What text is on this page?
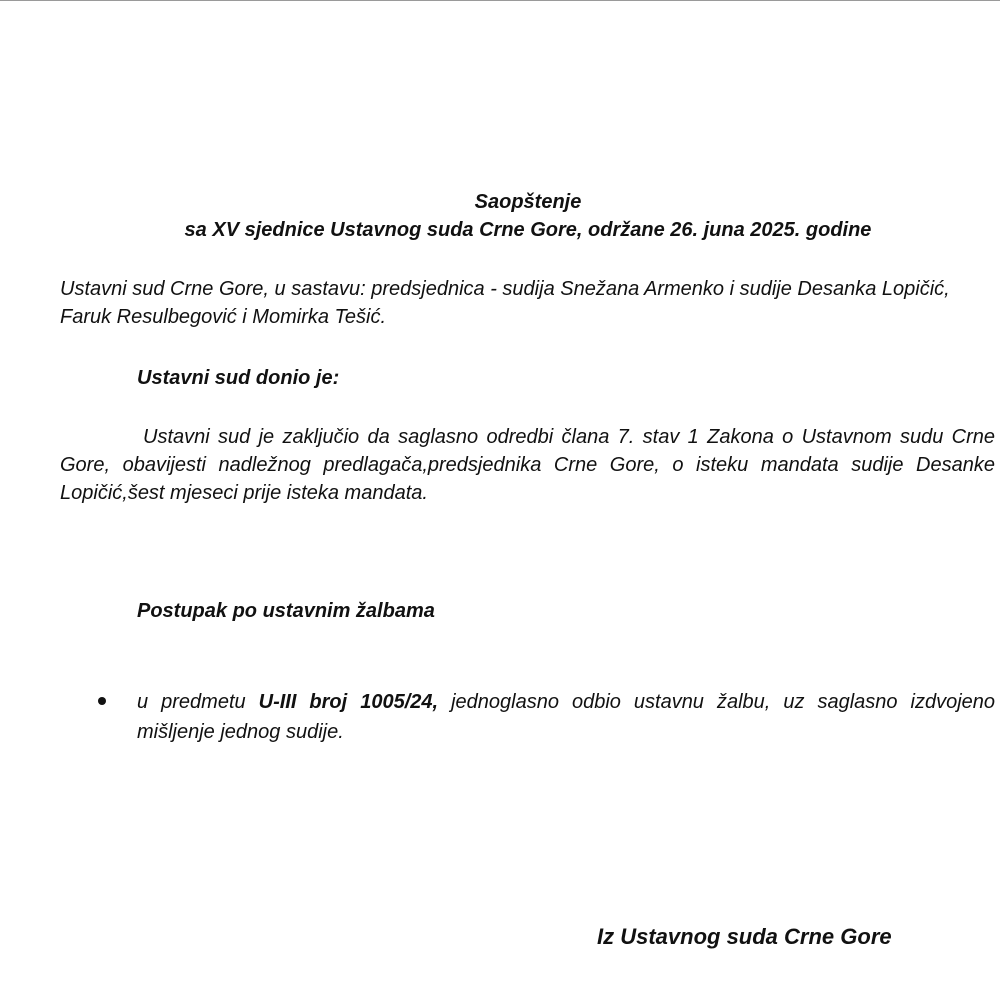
Saopštenje
sa XV sjednice Ustavnog suda Crne Gore, održane 26. juna 2025. godine
Ustavni sud Crne Gore, u sastavu: predsjednica - sudija Snežana Armenko i sudije Desanka Lopičić,
Faruk Resulbegović i Momirka Tešić.
Ustavni sud donio je:
Ustavni sud je zaključio da saglasno odredbi člana 7. stav 1 Zakona o Ustavnom sudu Crne
Gore, obavijesti nadležnog predlagača,predsjednika Crne Gore, o isteku mandata sudije Desanke
Lopičić,šest mjeseci prije isteka mandata.
Postupak po ustavnim žalbama
u predmetu U-III broj 1005/24, jednoglasno odbio ustavnu žalbu, uz saglasno izdvojeno
mišljenje jednog sudije.
Iz Ustavnog suda Crne Gore
